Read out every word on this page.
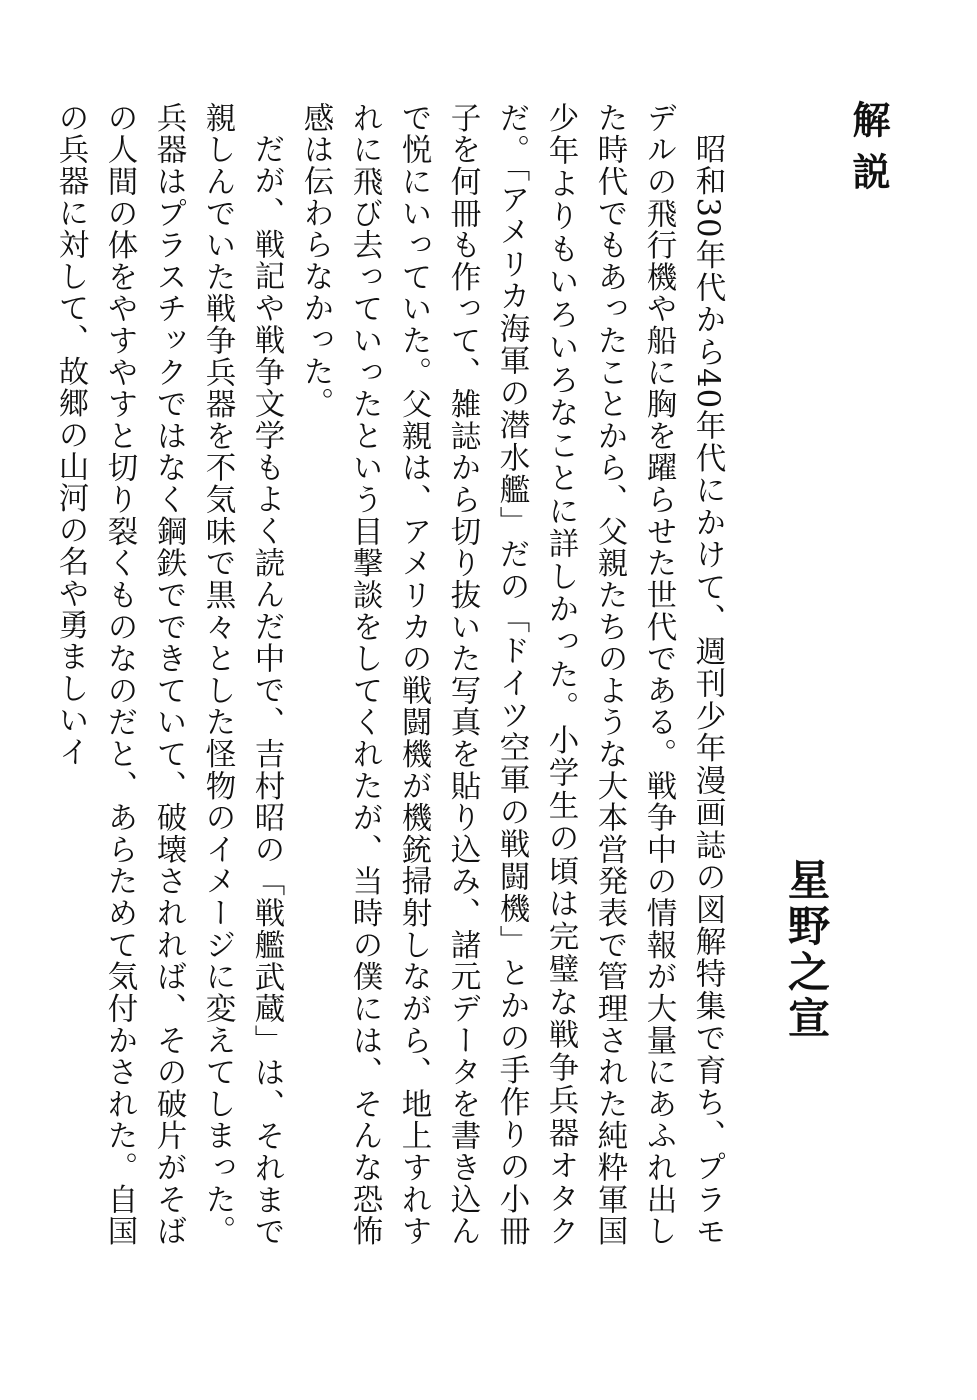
解説
星野之宣

昭和30年代から40年代にかけて、週刊少年漫画誌の図解特集で育ち、プラモデルの飛行機や船に胸を躍らせた世代である。戦争中の情報が大量にあふれ出した時代でもあったことから、父親たちのような大本営発表で管理された純粋軍国少年よりもいろいろなことに詳しかった。小学生の頃は完璧な戦争兵器オタクだ。「アメリカ海軍の潜水艦」だの「ドイツ空軍の戦闘機」とかの手作りの小冊子を何冊も作って、雑誌から切り抜いた写真を貼り込み、諸元データを書き込んで悦にいっていた。父親は、アメリカの戦闘機が機銃掃射しながら、地上すれすれに飛び去っていったという目撃談をしてくれたが、当時の僕には、そんな恐怖感は伝わらなかった。

だが、戦記や戦争文学もよく読んだ中で、吉村昭の「戦艦武蔵」は、それまで親しんでいた戦争兵器を不気味で黒々とした怪物のイメージに変えてしまった。兵器はプラスチックではなく鋼鉄でできていて、破壊されれば、その破片がそばの人間の体をやすやすと切り裂くものなのだと、あらためて気付かされた。自国の兵器に対して、故郷の山河の名や勇ましいイ
